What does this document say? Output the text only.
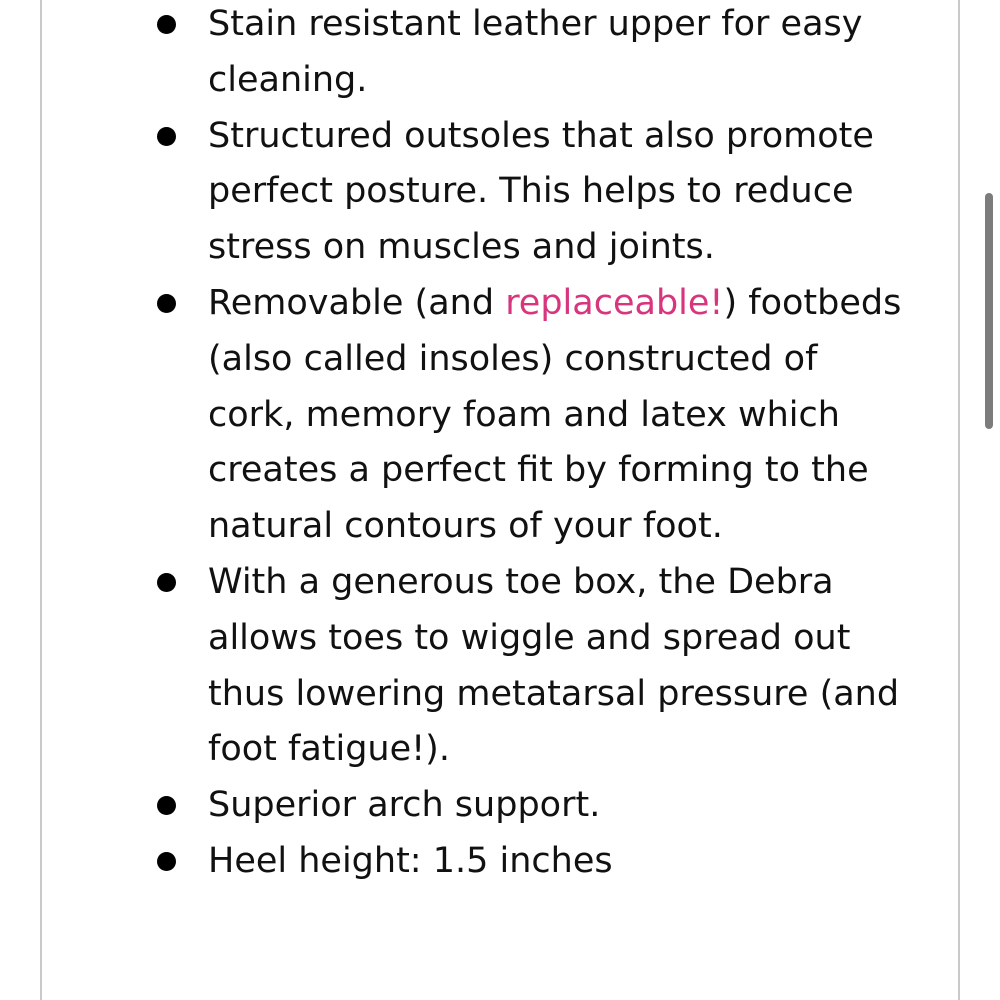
Stain resistant leather upper for easy cleaning.
Structured outsoles that also promote perfect posture. This helps to reduce stress on muscles and joints.
Removable (and replaceable!) footbeds (also called insoles) constructed of cork, memory foam and latex which creates a perfect fit by forming to the natural contours of your foot.
With a generous toe box, the Debra allows toes to wiggle and spread out thus lowering metatarsal pressure (and foot fatigue!).
Superior arch support.
Heel height: 1.5 inches
